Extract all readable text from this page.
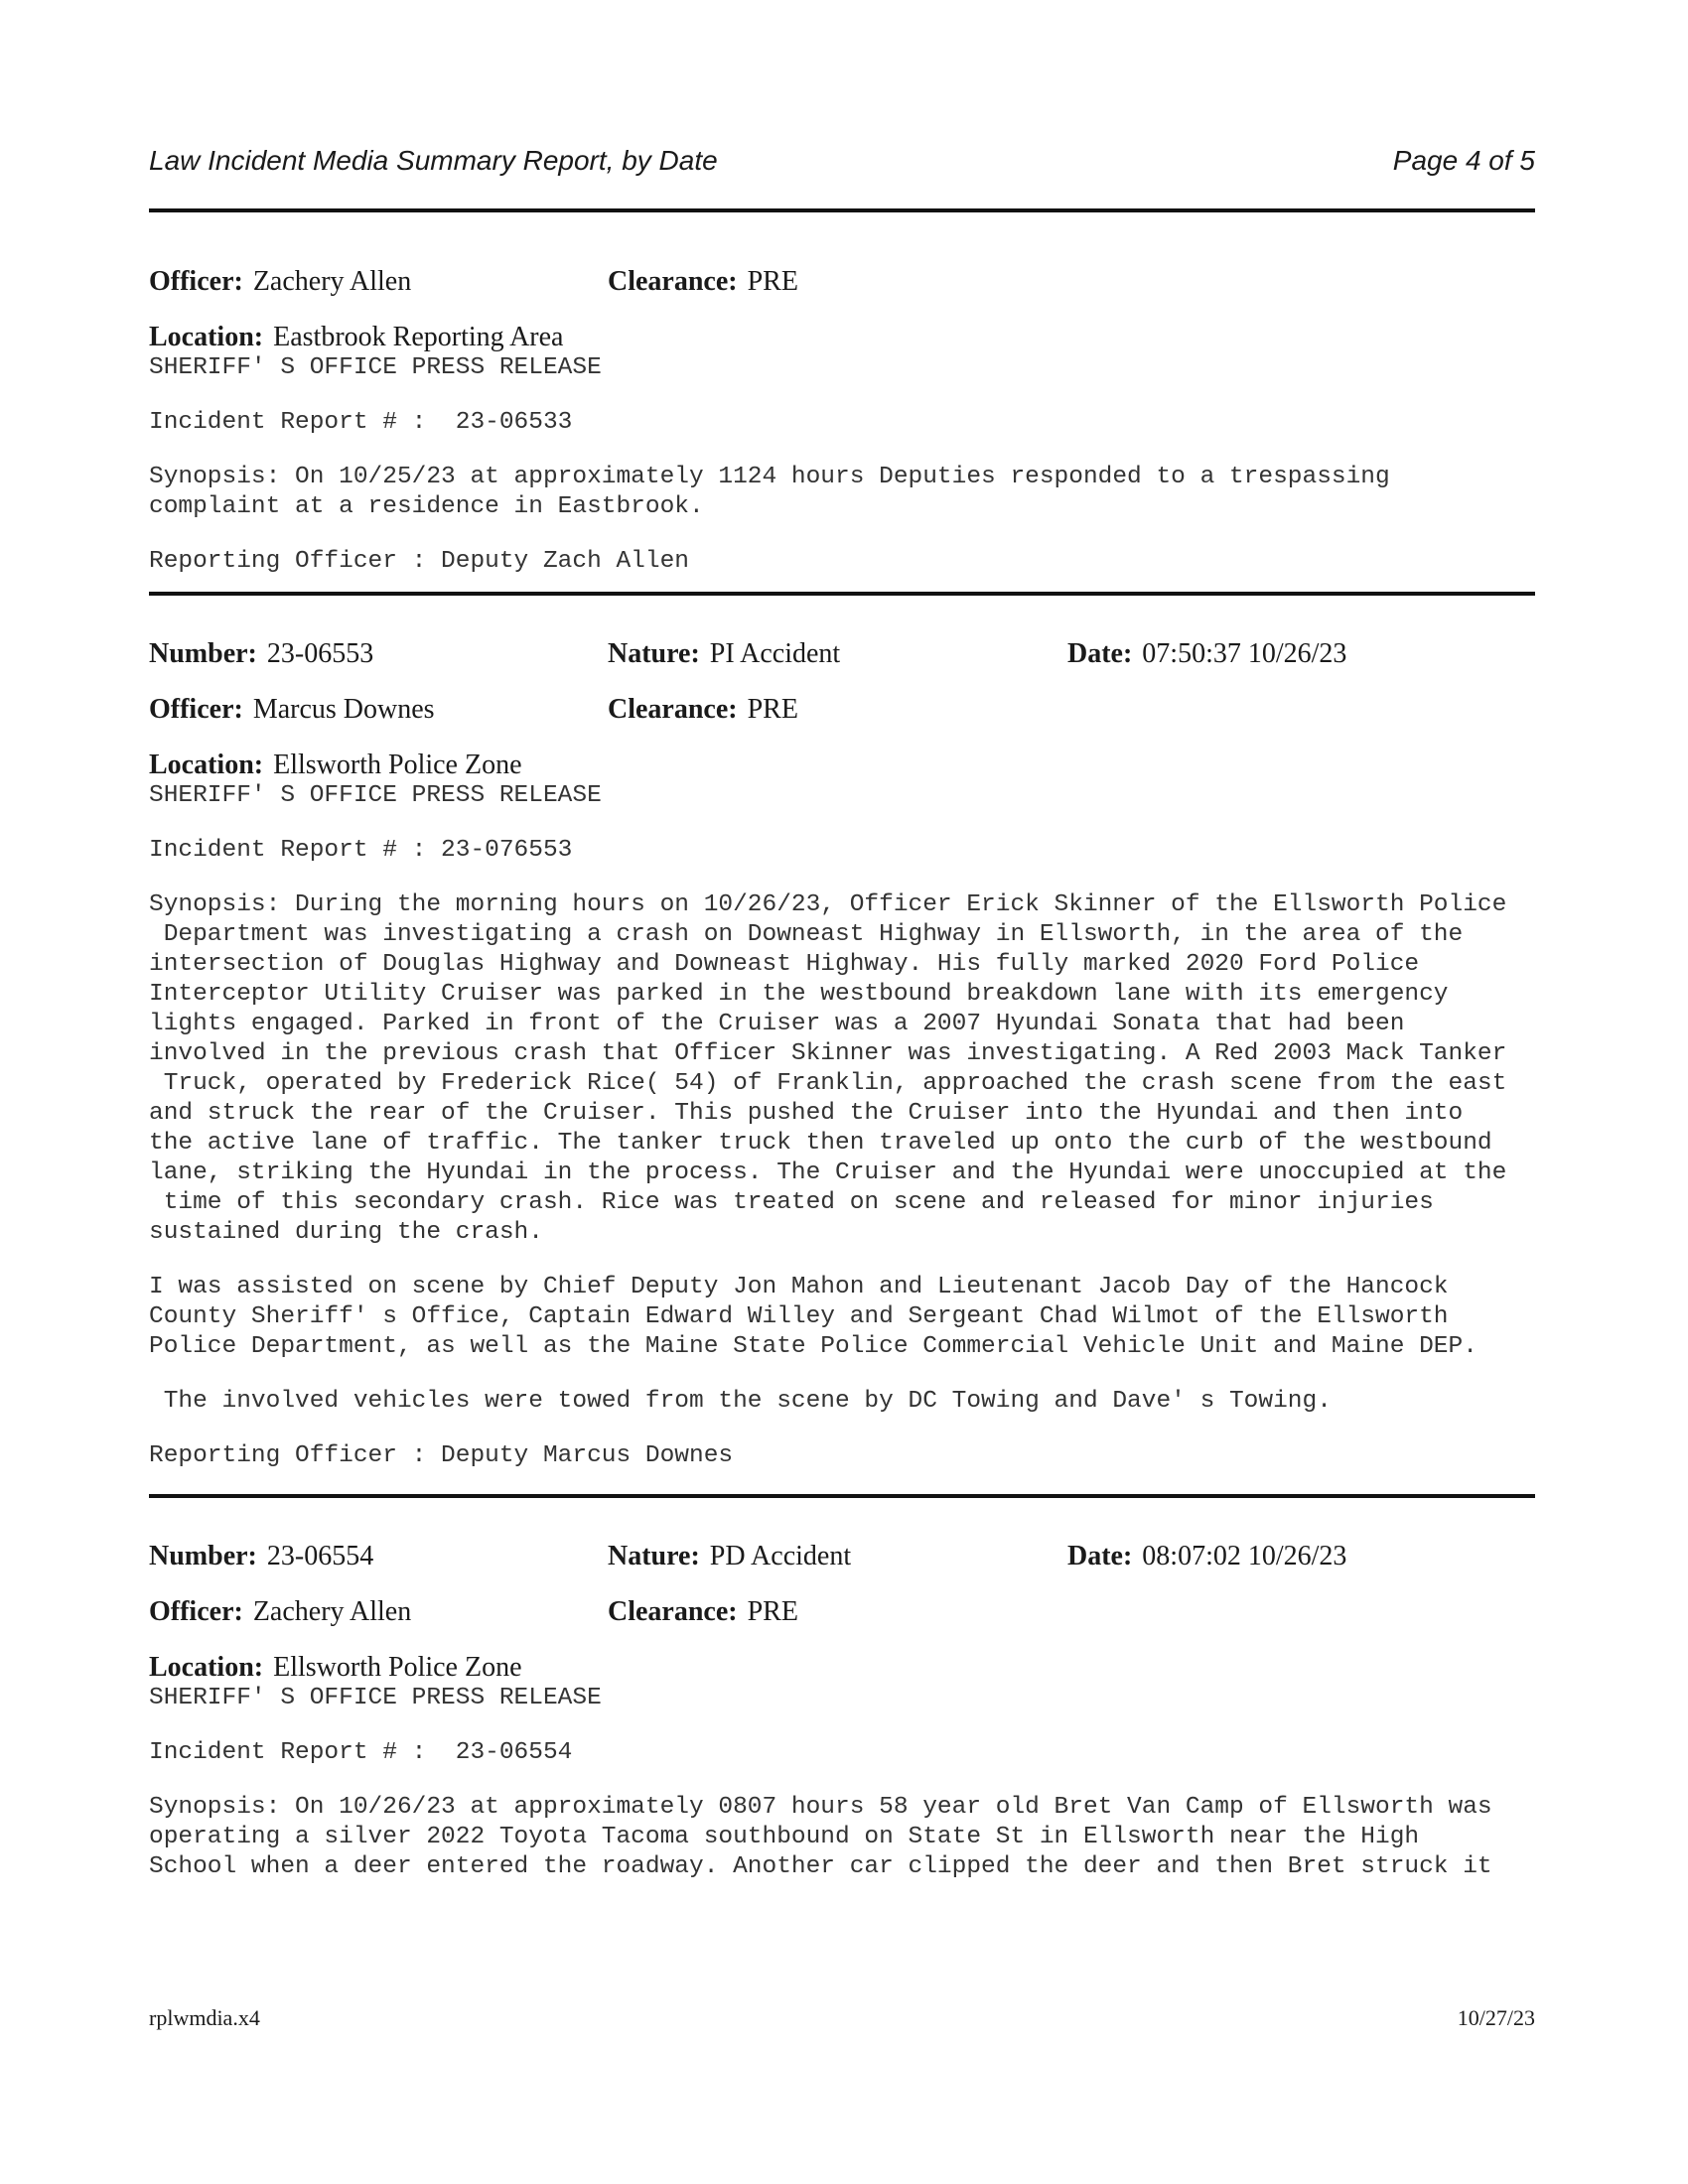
Law Incident Media Summary Report, by Date	Page 4 of 5
Officer: Zachery Allen	Clearance: PRE
Location: Eastbrook Reporting Area
SHERIFF' S OFFICE PRESS RELEASE
Incident Report # :  23-06533
Synopsis: On 10/25/23 at approximately 1124 hours Deputies responded to a trespassing
complaint at a residence in Eastbrook.
Reporting Officer : Deputy Zach Allen
Number: 23-06553	Nature: PI Accident	Date: 07:50:37 10/26/23
Officer: Marcus Downes	Clearance: PRE
Location: Ellsworth Police Zone
SHERIFF' S OFFICE PRESS RELEASE
Incident Report # : 23-076553
Synopsis: During the morning hours on 10/26/23, Officer Erick Skinner of the Ellsworth Police
Department was investigating a crash on Downeast Highway in Ellsworth, in the area of the
intersection of Douglas Highway and Downeast Highway. His fully marked 2020 Ford Police
Interceptor Utility Cruiser was parked in the westbound breakdown lane with its emergency
lights engaged. Parked in front of the Cruiser was a 2007 Hyundai Sonata that had been
involved in the previous crash that Officer Skinner was investigating. A Red 2003 Mack Tanker
Truck, operated by Frederick Rice( 54) of Franklin, approached the crash scene from the east
and struck the rear of the Cruiser. This pushed the Cruiser into the Hyundai and then into
the active lane of traffic. The tanker truck then traveled up onto the curb of the westbound
lane, striking the Hyundai in the process. The Cruiser and the Hyundai were unoccupied at the
time of this secondary crash. Rice was treated on scene and released for minor injuries
sustained during the crash.
I was assisted on scene by Chief Deputy Jon Mahon and Lieutenant Jacob Day of the Hancock
County Sheriff' s Office, Captain Edward Willey and Sergeant Chad Wilmot of the Ellsworth
Police Department, as well as the Maine State Police Commercial Vehicle Unit and Maine DEP.
The involved vehicles were towed from the scene by DC Towing and Dave' s Towing.
Reporting Officer : Deputy Marcus Downes
Number: 23-06554	Nature: PD Accident	Date: 08:07:02 10/26/23
Officer: Zachery Allen	Clearance: PRE
Location: Ellsworth Police Zone
SHERIFF' S OFFICE PRESS RELEASE
Incident Report # :  23-06554
Synopsis: On 10/26/23 at approximately 0807 hours 58 year old Bret Van Camp of Ellsworth was
operating a silver 2022 Toyota Tacoma southbound on State St in Ellsworth near the High
School when a deer entered the roadway. Another car clipped the deer and then Bret struck it
rplwmdia.x4	10/27/23
